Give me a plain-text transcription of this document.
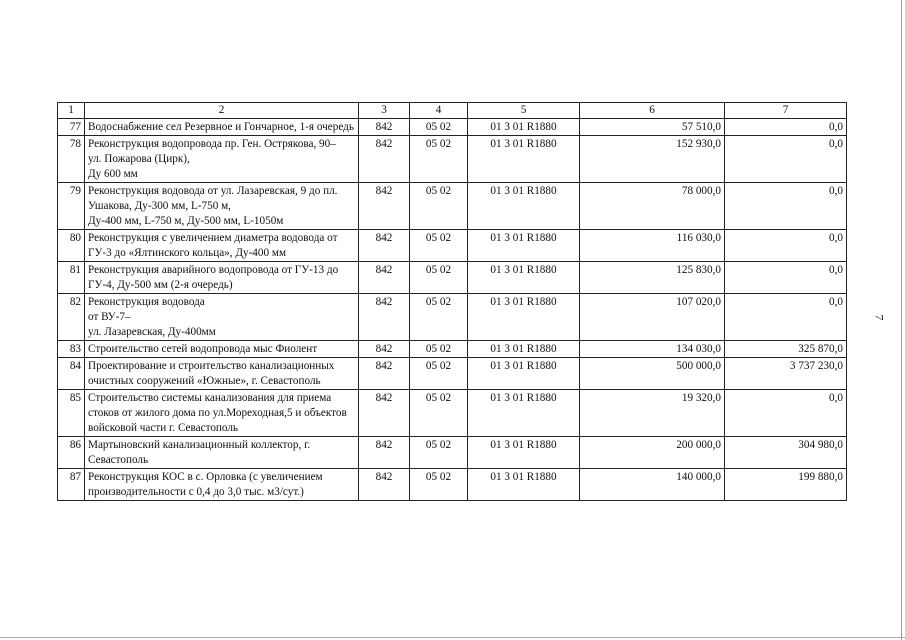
7
1	2	3	4	5	6	7
77	Водоснабжение сел Резервное и Гончарное, 1-я очередь	842	05 02	01 3 01 R1880	57 510,0	0,0
78	Реконструкция водопровода пр. Ген. Острякова, 90–
ул. Пожарова (Цирк),
Ду 600 мм	842	05 02	01 3 01 R1880	152 930,0	0,0
79	Реконструкция водовода от ул. Лазаревская, 9 до пл. Ушакова, Ду-300 мм, L-750 м,
Ду-400 мм, L-750 м, Ду-500 мм, L-1050м	842	05 02	01 3 01 R1880	78 000,0	0,0
80	Реконструкция с увеличением диаметра водовода от ГУ-3 до «Ялтинского кольца», Ду-400 мм	842	05 02	01 3 01 R1880	116 030,0	0,0
81	Реконструкция аварийного водопровода от ГУ-13 до ГУ-4, Ду-500 мм (2-я очередь)	842	05 02	01 3 01 R1880	125 830,0	0,0
82	Реконструкция водовода
от ВУ-7–
ул. Лазаревская, Ду-400мм	842	05 02	01 3 01 R1880	107 020,0	0,0
83	Строительство сетей водопровода мыс Фиолент	842	05 02	01 3 01 R1880	134 030,0	325 870,0
84	Проектирование и строительство канализационных очистных сооружений «Южные», г. Севастополь	842	05 02	01 3 01 R1880	500 000,0	3 737 230,0
85	Строительство системы канализования для приема стоков от жилого дома по ул.Мореходная,5 и объектов войсковой части г. Севастополь	842	05 02	01 3 01 R1880	19 320,0	0,0
86	Мартыновский канализационный коллектор, г. Севастополь	842	05 02	01 3 01 R1880	200 000,0	304 980,0
87	Реконструкция КОС в с. Орловка (с увеличением производительности с 0,4 до 3,0 тыс. м3/сут.)	842	05 02	01 3 01 R1880	140 000,0	199 880,0
